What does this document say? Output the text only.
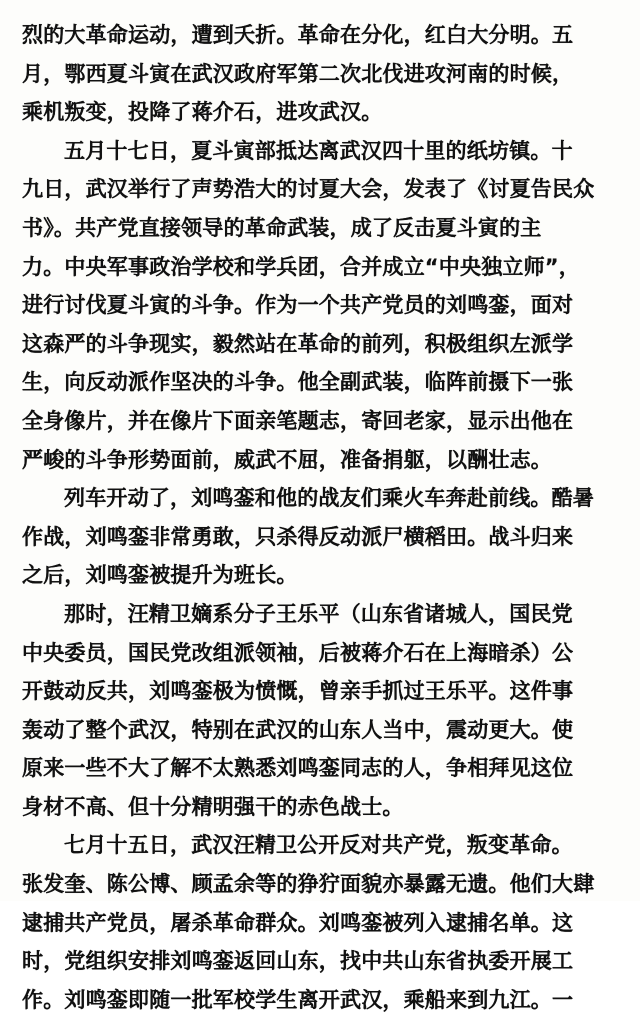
烈的大革命运动，遭到夭折。革命在分化，红白大分明。五
月，鄂西夏斗寅在武汉政府军第二次北伐进攻河南的时候，
乘机叛变，投降了蒋介石，进攻武汉。
五月十七日，夏斗寅部抵达离武汉四十里的纸坊镇。十
九日，武汉举行了声势浩大的讨夏大会，发表了《讨夏告民众
书》。共产党直接领导的革命武装，成了反击夏斗寅的主
力。中央军事政治学校和学兵团，合并成立“中央独立师”，
进行讨伐夏斗寅的斗争。作为一个共产党员的刘鸣銮，面对
这森严的斗争现实，毅然站在革命的前列，积极组织左派学
生，向反动派作坚决的斗争。他全副武装，临阵前摄下一张
全身像片，并在像片下面亲笔题志，寄回老家，显示出他在
严峻的斗争形势面前，威武不屈，准备捐躯，以酬壮志。
列车开动了，刘鸣銮和他的战友们乘火车奔赴前线。酷暑
作战，刘鸣銮非常勇敢，只杀得反动派尸横稻田。战斗归来
之后，刘鸣銮被提升为班长。
那时，汪精卫嫡系分子王乐平（山东省诸城人，国民党
中央委员，国民党改组派领袖，后被蒋介石在上海暗杀）公
开鼓动反共，刘鸣銮极为愤慨，曾亲手抓过王乐平。这件事
轰动了整个武汉，特别在武汉的山东人当中，震动更大。使
原来一些不大了解不太熟悉刘鸣銮同志的人，争相拜见这位
身材不高、但十分精明强干的赤色战士。
七月十五日，武汉汪精卫公开反对共产党，叛变革命。
张发奎、陈公博、顾孟余等的狰狞面貌亦暴露无遗。他们大肆
逮捕共产党员，屠杀革命群众。刘鸣銮被列入逮捕名单。这
时，党组织安排刘鸣銮返回山东，找中共山东省执委开展工
作。刘鸣銮即随一批军校学生离开武汉，乘船来到九江。一
